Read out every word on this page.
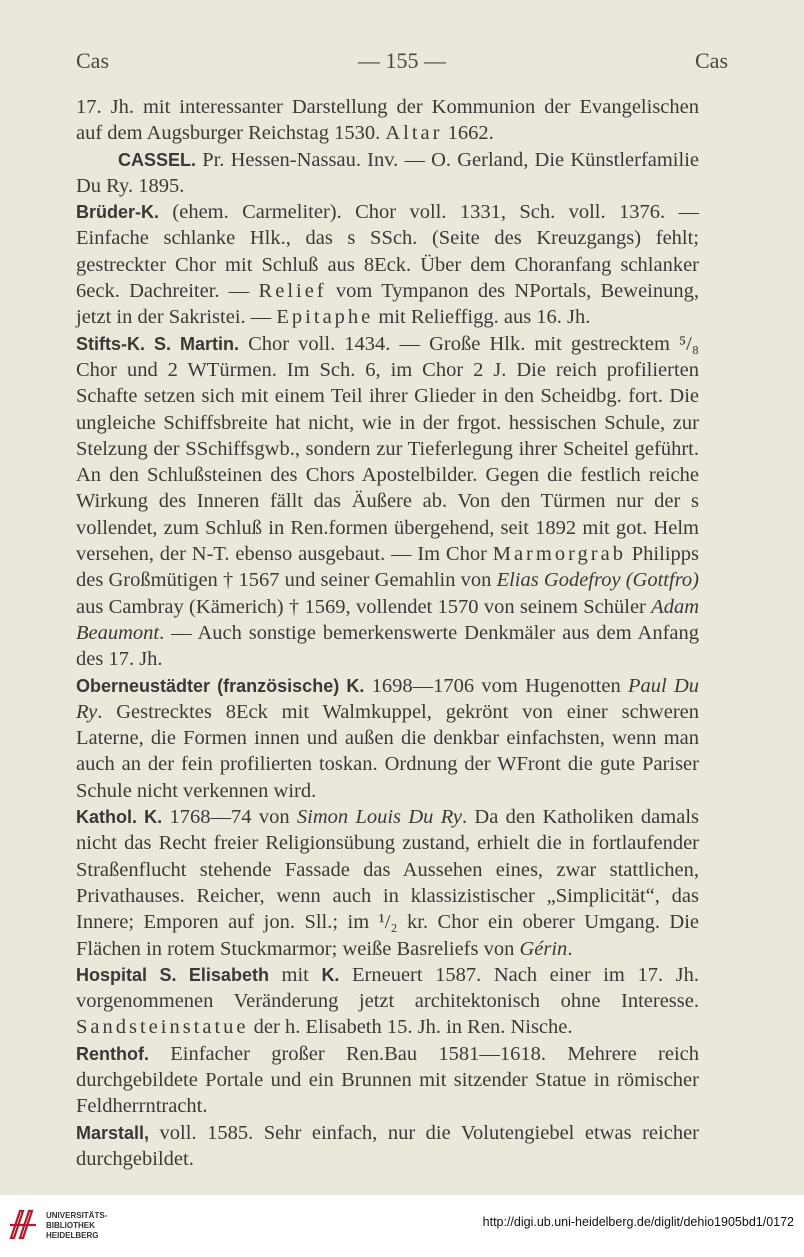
Cas	— 155 —	Cas

17. Jh. mit interessanter Darstellung der Kommunion der Evangelischen auf dem Augsburger Reichstag 1530. Altar 1662.

CASSEL. Pr. Hessen-Nassau. Inv. — O. Gerland, Die Künstlerfamilie Du Ry. 1895.

Brüder-K. (ehem. Carmeliter). Chor voll. 1331, Sch. voll. 1376. — Einfache schlanke Hlk., das s SSch. (Seite des Kreuzgangs) fehlt; gestreckter Chor mit Schluß aus 8Eck. Über dem Choranfang schlanker 6eck. Dachreiter. — Relief vom Tympanon des NPortals, Beweinung, jetzt in der Sakristei. — Epitaphe mit Relieffigg. aus 16. Jh.

Stifts-K. S. Martin. Chor voll. 1434. — Große Hlk. mit gestrecktem ⁵/₈ Chor und 2 WTürmen. Im Sch. 6, im Chor 2 J. Die reich profilierten Schafte setzen sich mit einem Teil ihrer Glieder in den Scheidbg. fort. Die ungleiche Schiffsbreite hat nicht, wie in der frgot. hessischen Schule, zur Stelzung der SSchiffsgwb., sondern zur Tieferlegung ihrer Scheitel geführt. An den Schlußsteinen des Chors Apostelbilder. Gegen die festlich reiche Wirkung des Inneren fällt das Äußere ab. Von den Türmen nur der s vollendet, zum Schluß in Ren.formen übergehend, seit 1892 mit got. Helm versehen, der N-T. ebenso ausgebaut. — Im Chor Marmorgrab Philipps des Großmütigen † 1567 und seiner Gemahlin von Elias Godefroy (Gottfro) aus Cambray (Kämerich) † 1569, vollendet 1570 von seinem Schüler Adam Beaumont. — Auch sonstige bemerkenswerte Denkmäler aus dem Anfang des 17. Jh.

Oberneustädter (französische) K. 1698—1706 vom Hugenotten Paul Du Ry. Gestrecktes 8Eck mit Walmkuppel, gekrönt von einer schweren Laterne, die Formen innen und außen die denkbar einfachsten, wenn man auch an der fein profilierten toskan. Ordnung der WFront die gute Pariser Schule nicht verkennen wird.

Kathol. K. 1768—74 von Simon Louis Du Ry. Da den Katholiken damals nicht das Recht freier Religionsübung zustand, erhielt die in fortlaufender Straßenflucht stehende Fassade das Aussehen eines, zwar stattlichen, Privathauses. Reicher, wenn auch in klassizistischer „Simplicität“, das Innere; Emporen auf jon. Sll.; im ¹/₂ kr. Chor ein oberer Umgang. Die Flächen in rotem Stuckmarmor; weiße Basreliefs von Gérin.

Hospital S. Elisabeth mit K. Erneuert 1587. Nach einer im 17. Jh. vorgenommenen Veränderung jetzt architektonisch ohne Interesse. Sandsteinstatue der h. Elisabeth 15. Jh. in Ren. Nische.

Renthof. Einfacher großer Ren.Bau 1581—1618. Mehrere reich durchgebildete Portale und ein Brunnen mit sitzender Statue in römischer Feldherrntracht.

Marstall, voll. 1585. Sehr einfach, nur die Volutengiebel etwas reicher durchgebildet.

UNIVERSITÄTS-
BIBLIOTHEK
HEIDELBERG
http://digi.ub.uni-heidelberg.de/diglit/dehio1905bd1/0172
